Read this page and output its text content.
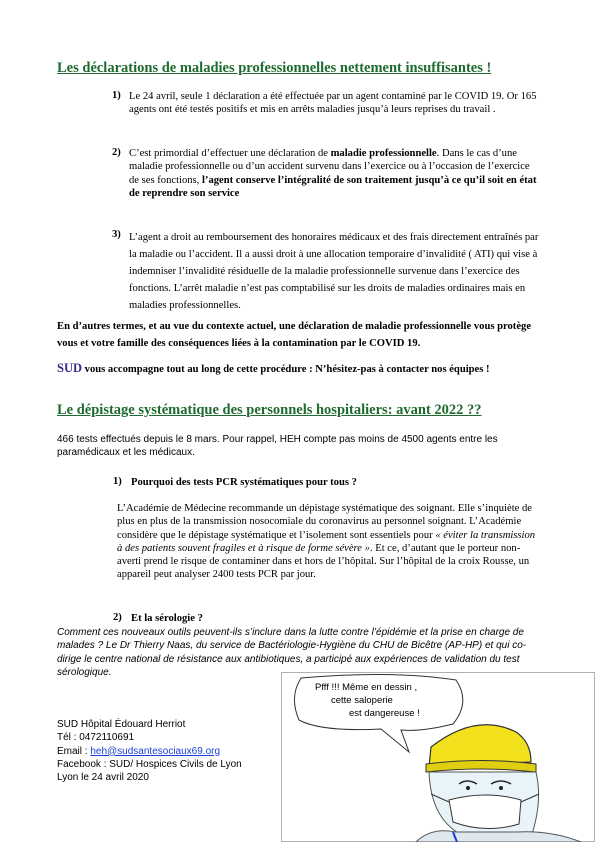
Les déclarations de maladies professionnelles nettement insuffisantes !
1) Le 24 avril, seule 1 déclaration a été effectuée par un agent contaminé par le COVID 19. Or 165 agents ont été testés positifs et mis en arrêts maladies jusqu’à leurs reprises du travail .
2) C’est primordial d’effectuer une déclaration de maladie professionnelle. Dans le cas d’une maladie professionnelle ou d’un accident survenu dans l’exercice ou à l’occasion de l’exercice de ses fonctions, l’agent conserve l’intégralité de son traitement jusqu’à ce qu’il soit en état de reprendre son service
3) L’agent a droit au remboursement des honoraires médicaux et des frais directement entraînés par la maladie ou l’accident. Il a aussi droit à une allocation temporaire d’invalidité ( ATI) qui vise à indemniser l’invalidité résiduelle de la maladie professionnelle survenue dans l’exercice des fonctions. L’arrêt maladie n’est pas comptabilisé sur les droits de maladies ordinaires mais en maladies professionnelles.
En d’autres termes, et au vue du contexte actuel, une déclaration de maladie professionnelle vous protège vous et votre famille des conséquences liées à la contamination par le COVID 19.
SUD vous accompagne tout au long de cette procédure : N’hésitez-pas à contacter nos équipes !
Le dépistage systématique des personnels hospitaliers: avant 2022 ??
466 tests effectués depuis le 8 mars. Pour rappel, HEH compte pas moins de 4500 agents entre les paramédicaux et les médicaux.
1) Pourquoi des tests PCR systématiques pour tous ?
L’Académie de Médecine recommande un dépistage systématique des soignant. Elle s’inquiète de plus en plus de la transmission nosocomiale du coronavirus au personnel soignant. L’Académie considère que le dépistage systématique et l’isolement sont essentiels pour « éviter la transmission à des patients souvent fragiles et à risque de forme sévère ». Et ce, d’autant que le porteur non-averti prend le risque de contaminer dans et hors de l’hôpital. Sur l’hôpital de la croix Rousse, un appareil peut analyser 2400 tests PCR par jour.
2) Et la sérologie ?
Comment ces nouveaux outils peuvent-ils s’inclure dans la lutte contre l’épidémie et la prise en charge de malades ? Le Dr Thierry Naas, du service de Bactériologie-Hygiène du CHU de Bicêtre (AP-HP) et qui co-dirige le centre national de résistance aux antibiotiques, a participé aux expériences de validation du test sérologique.
SUD Hôpital Édouard Herriot
Tél : 0472110691
Email : heh@sudsantesociaux69.org
Facebook : SUD/ Hospices Civils de Lyon
Lyon le 24 avril 2020
Pfff !!! Même en dessin ,
cette saloperie
est dangereuse !
